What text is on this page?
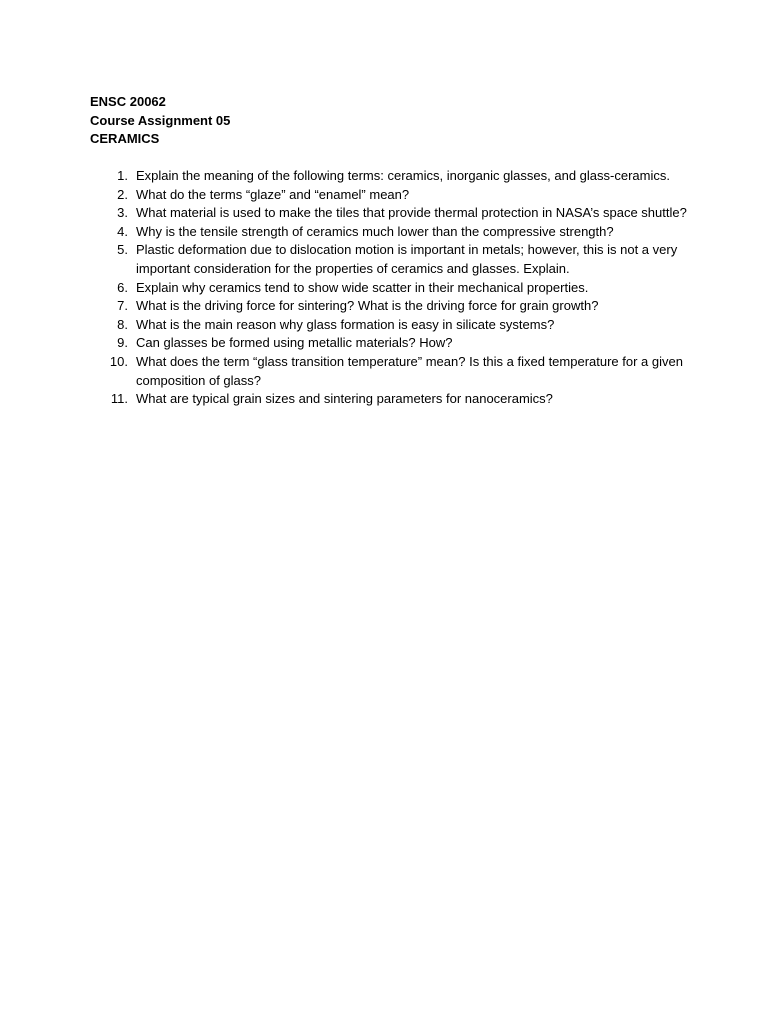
ENSC 20062
Course Assignment 05
CERAMICS
1. Explain the meaning of the following terms: ceramics, inorganic glasses, and glass-ceramics.
2. What do the terms “glaze” and “enamel” mean?
3. What material is used to make the tiles that provide thermal protection in NASA’s space shuttle?
4. Why is the tensile strength of ceramics much lower than the compressive strength?
5. Plastic deformation due to dislocation motion is important in metals; however, this is not a very important consideration for the properties of ceramics and glasses. Explain.
6. Explain why ceramics tend to show wide scatter in their mechanical properties.
7. What is the driving force for sintering? What is the driving force for grain growth?
8. What is the main reason why glass formation is easy in silicate systems?
9. Can glasses be formed using metallic materials? How?
10. What does the term “glass transition temperature” mean? Is this a fixed temperature for a given composition of glass?
11. What are typical grain sizes and sintering parameters for nanoceramics?
